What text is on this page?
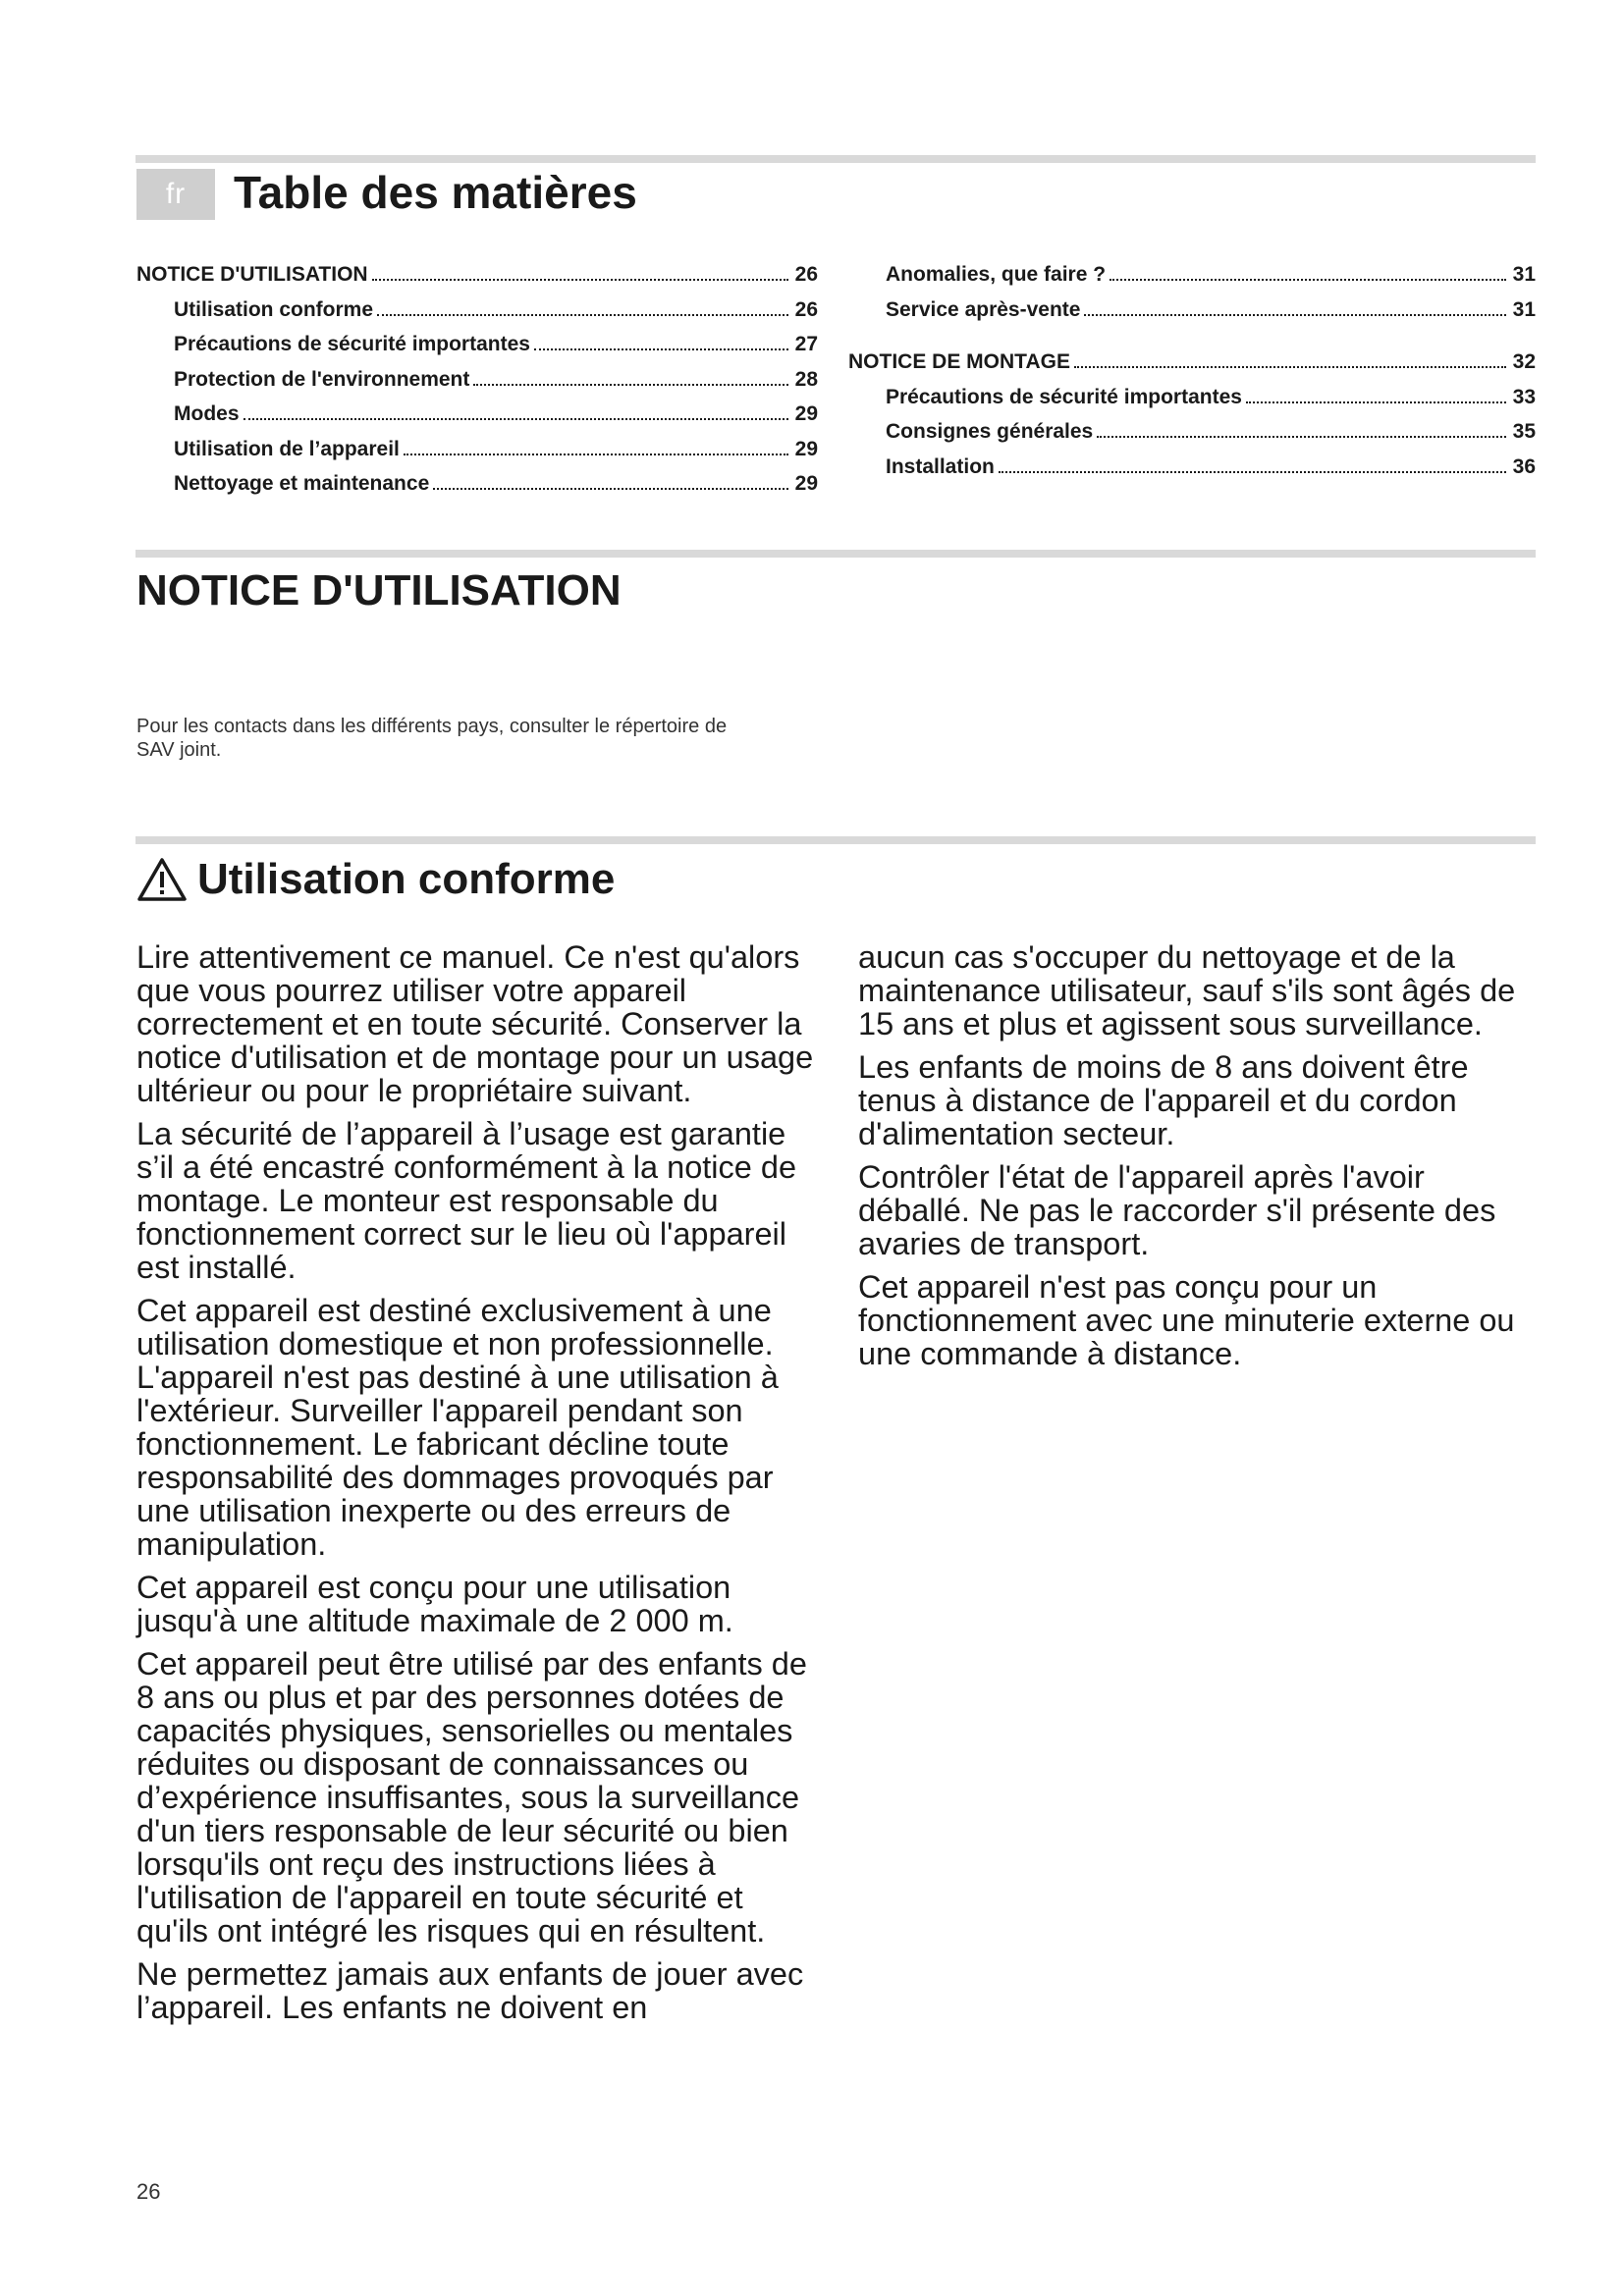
fr	Table des matières
NOTICE D'UTILISATION	26
Utilisation conforme	26
Précautions de sécurité importantes	27
Protection de l'environnement	28
Modes	29
Utilisation de l’appareil	29
Nettoyage et maintenance	29
Anomalies, que faire ?	31
Service après-vente	31
NOTICE DE MONTAGE	32
Précautions de sécurité importantes	33
Consignes générales	35
Installation	36
NOTICE D'UTILISATION

Pour les contacts dans les différents pays, consulter le répertoire de SAV joint.

Utilisation conforme

Lire attentivement ce manuel. Ce n'est qu'alors que vous pourrez utiliser votre appareil correctement et en toute sécurité. Conserver la notice d'utilisation et de montage pour un usage ultérieur ou pour le propriétaire suivant.

La sécurité de l’appareil à l’usage est garantie s’il a été encastré conformément à la notice de montage. Le monteur est responsable du fonctionnement correct sur le lieu où l'appareil est installé.

Cet appareil est destiné exclusivement à une utilisation domestique et non professionnelle. L'appareil n'est pas destiné à une utilisation à l'extérieur. Surveiller l'appareil pendant son fonctionnement. Le fabricant décline toute responsabilité des dommages provoqués par une utilisation inexperte ou des erreurs de manipulation.

Cet appareil est conçu pour une utilisation jusqu'à une altitude maximale de 2 000 m.

Cet appareil peut être utilisé par des enfants de 8 ans ou plus et par des personnes dotées de capacités physiques, sensorielles ou mentales réduites ou disposant de connaissances ou d’expérience insuffisantes, sous la surveillance d'un tiers responsable de leur sécurité ou bien lorsqu'ils ont reçu des instructions liées à l'utilisation de l'appareil en toute sécurité et qu'ils ont intégré les risques qui en résultent.

Ne permettez jamais aux enfants de jouer avec l’appareil. Les enfants ne doivent en

aucun cas s'occuper du nettoyage et de la maintenance utilisateur, sauf s'ils sont âgés de 15 ans et plus et agissent sous surveillance.

Les enfants de moins de 8 ans doivent être tenus à distance de l'appareil et du cordon d'alimentation secteur.

Contrôler l'état de l'appareil après l'avoir déballé. Ne pas le raccorder s'il présente des avaries de transport.

Cet appareil n'est pas conçu pour un fonctionnement avec une minuterie externe ou une commande à distance.

26
